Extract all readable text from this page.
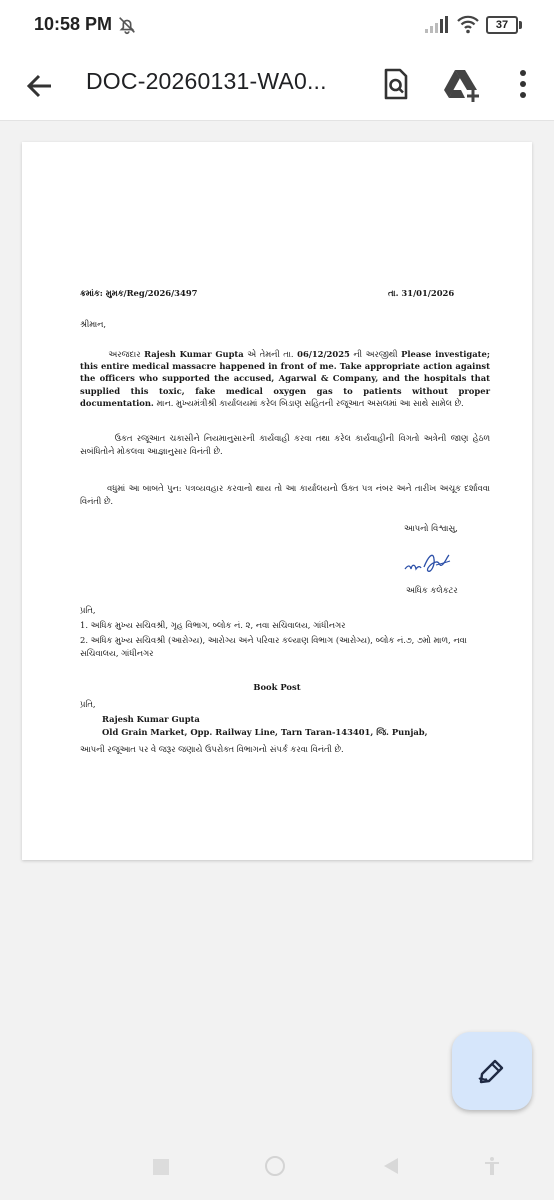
10:58 PM	37
DOC-20260131-WA0...
ક્રમાંક: મુમક/Reg/2026/3497	તા. 31/01/2026
શ્રીમાન,
અરજદાર Rajesh Kumar Gupta એ તેમની તા. 06/12/2025 ની અરજીથી Please investigate; this entire medical massacre happened in front of me. Take appropriate action against the officers who supported the accused, Agarwal & Company, and the hospitals that supplied this toxic, fake medical oxygen gas to patients without proper documentation. માન. મુખ્યમંત્રીશ્રી કાર્યાલયમાં કરેલ બિડાણ સહિતની રજૂઆત અસલમાં આ સાથે સામેલ છે.
ઉકત રજૂઆત ચકાસીને નિયમાનુસારની કાર્યવાહી કરવા તથા કરેલ કાર્યવાહીની વિગતો અત્રેની જાણ હેઠળ સબંધિતોને મોકલવા આજ્ઞાનુસાર વિનંતી છે.
વધુમાં આ બાબતે પુન: પત્રવ્યવહાર કરવાનો થાય તો આ કાર્યાલયનો ઉક્ત પત્ર નંબર અને તારીખ અચૂક દર્શાવવા વિનંતી છે.
આપનો વિશ્વાસુ,
અધિક કલેકટર
પ્રતિ,
1. અધિક મુખ્ય સચિવશ્રી, ગૃહ વિભાગ, બ્લોક નં. ૨, નવા સચિવાલય, ગાંધીનગર
2. અધિક મુખ્ય સચિવશ્રી (આરોગ્ય), આરોગ્ય અને પરિવાર કલ્યાણ વિભાગ (આરોગ્ય), બ્લોક નં.૭, ૭મો માળ, નવા સચિવાલય, ગાંધીનગર
Book Post
પ્રતિ,
Rajesh Kumar Gupta
Old Grain Market, Opp. Railway Line, Tarn Taran-143401, જિ. Punjab,
આપની રજૂઆત પર વે જરૂર જણાયે ઉપરોક્ત વિભાગનો સંપર્ક કરવા વિનંતી છે.
